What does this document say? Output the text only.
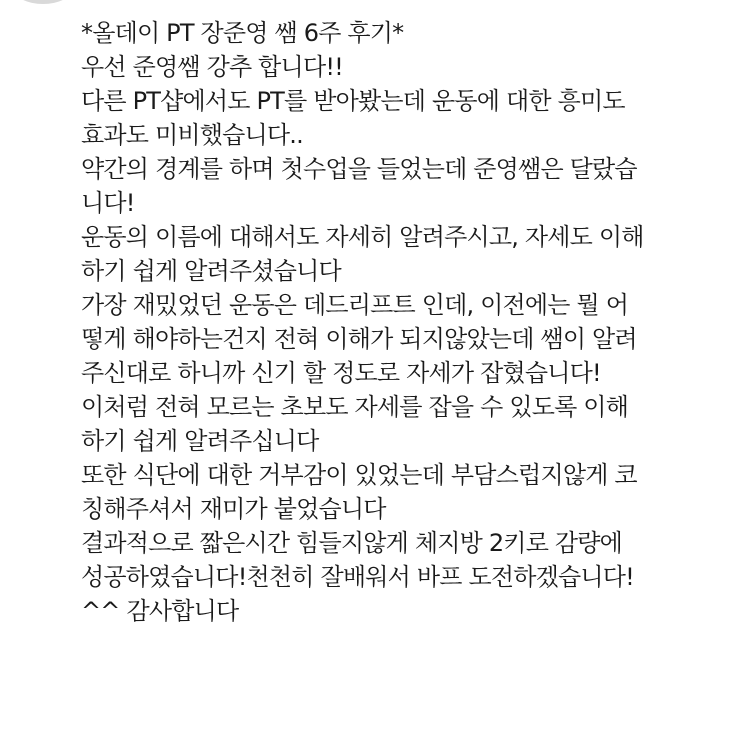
*올데이 PT 장준영 쌤 6주 후기*
우선 준영쌤 강추 합니다!!
다른 PT샵에서도 PT를 받아봤는데 운동에 대한 흥미도
효과도 미비했습니다..
약간의 경계를 하며 첫수업을 들었는데 준영쌤은 달랐습
니다!
운동의 이름에 대해서도 자세히 알려주시고, 자세도 이해
하기 쉽게 알려주셨습니다
가장 재밌었던 운동은 데드리프트 인데, 이전에는 뭘 어
떻게 해야하는건지 전혀 이해가 되지않았는데 쌤이 알려
주신대로 하니까 신기 할 정도로 자세가 잡혔습니다!
이처럼 전혀 모르는 초보도 자세를 잡을 수 있도록 이해
하기 쉽게 알려주십니다
또한 식단에 대한 거부감이 있었는데 부담스럽지않게 코
칭해주셔서 재미가 붙었습니다
결과적으로 짧은시간 힘들지않게 체지방 2키로 감량에
성공하였습니다!천천히 잘배워서 바프 도전하겠습니다!
^^ 감사합니다
